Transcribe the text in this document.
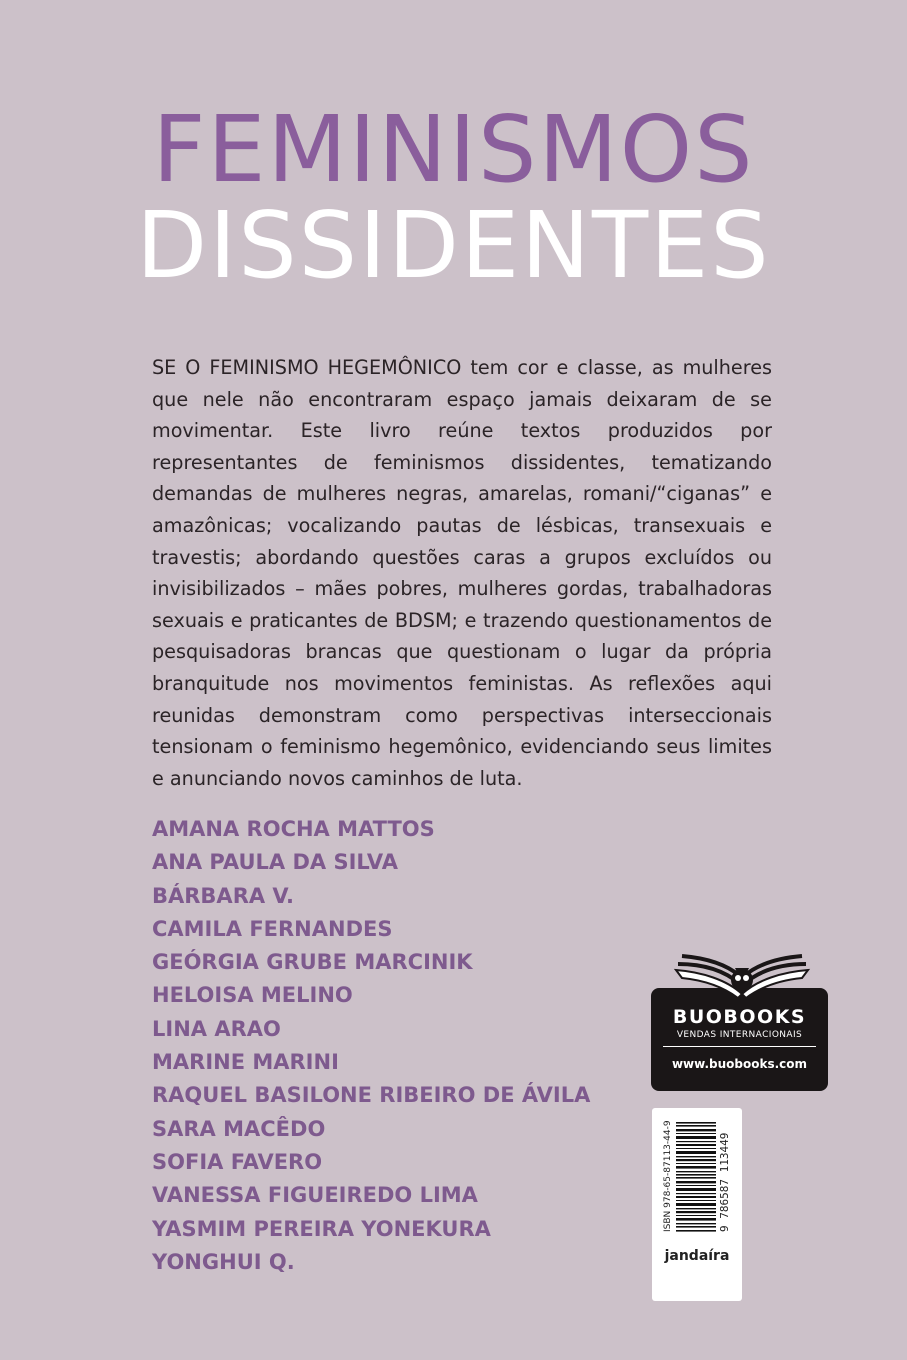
FEMINISMOS
DISSIDENTES
SE O FEMINISMO HEGEMÔNICO tem cor e classe, as mulheres que nele não encontraram espaço jamais deixaram de se movimentar. Este livro reúne textos produzidos por representantes de feminismos dissidentes, tematizando demandas de mulheres negras, amarelas, romani/“ciganas” e amazônicas; vocalizando pautas de lésbicas, transexuais e travestis; abordando questões caras a grupos excluídos ou invisibilizados – mães pobres, mulheres gordas, trabalhadoras sexuais e praticantes de BDSM; e trazendo questionamentos de pesquisadoras brancas que questionam o lugar da própria branquitude nos movimentos feministas. As reflexões aqui reunidas demonstram como perspectivas interseccionais tensionam o feminismo hegemônico, evidenciando seus limites e anunciando novos caminhos de luta.
AMANA ROCHA MATTOS
ANA PAULA DA SILVA
BÁRBARA V.
CAMILA FERNANDES
GEÓRGIA GRUBE MARCINIK
HELOISA MELINO
LINA ARAO
MARINE MARINI
RAQUEL BASILONE RIBEIRO DE ÁVILA
SARA MACÊDO
SOFIA FAVERO
VANESSA FIGUEIREDO LIMA
YASMIM PEREIRA YONEKURA
YONGHUI Q.
BUOBOOKS
VENDAS INTERNACIONAIS
www.buobooks.com
ISBN 978-65-87113-44-9	9 786587 113449
jandaíra
